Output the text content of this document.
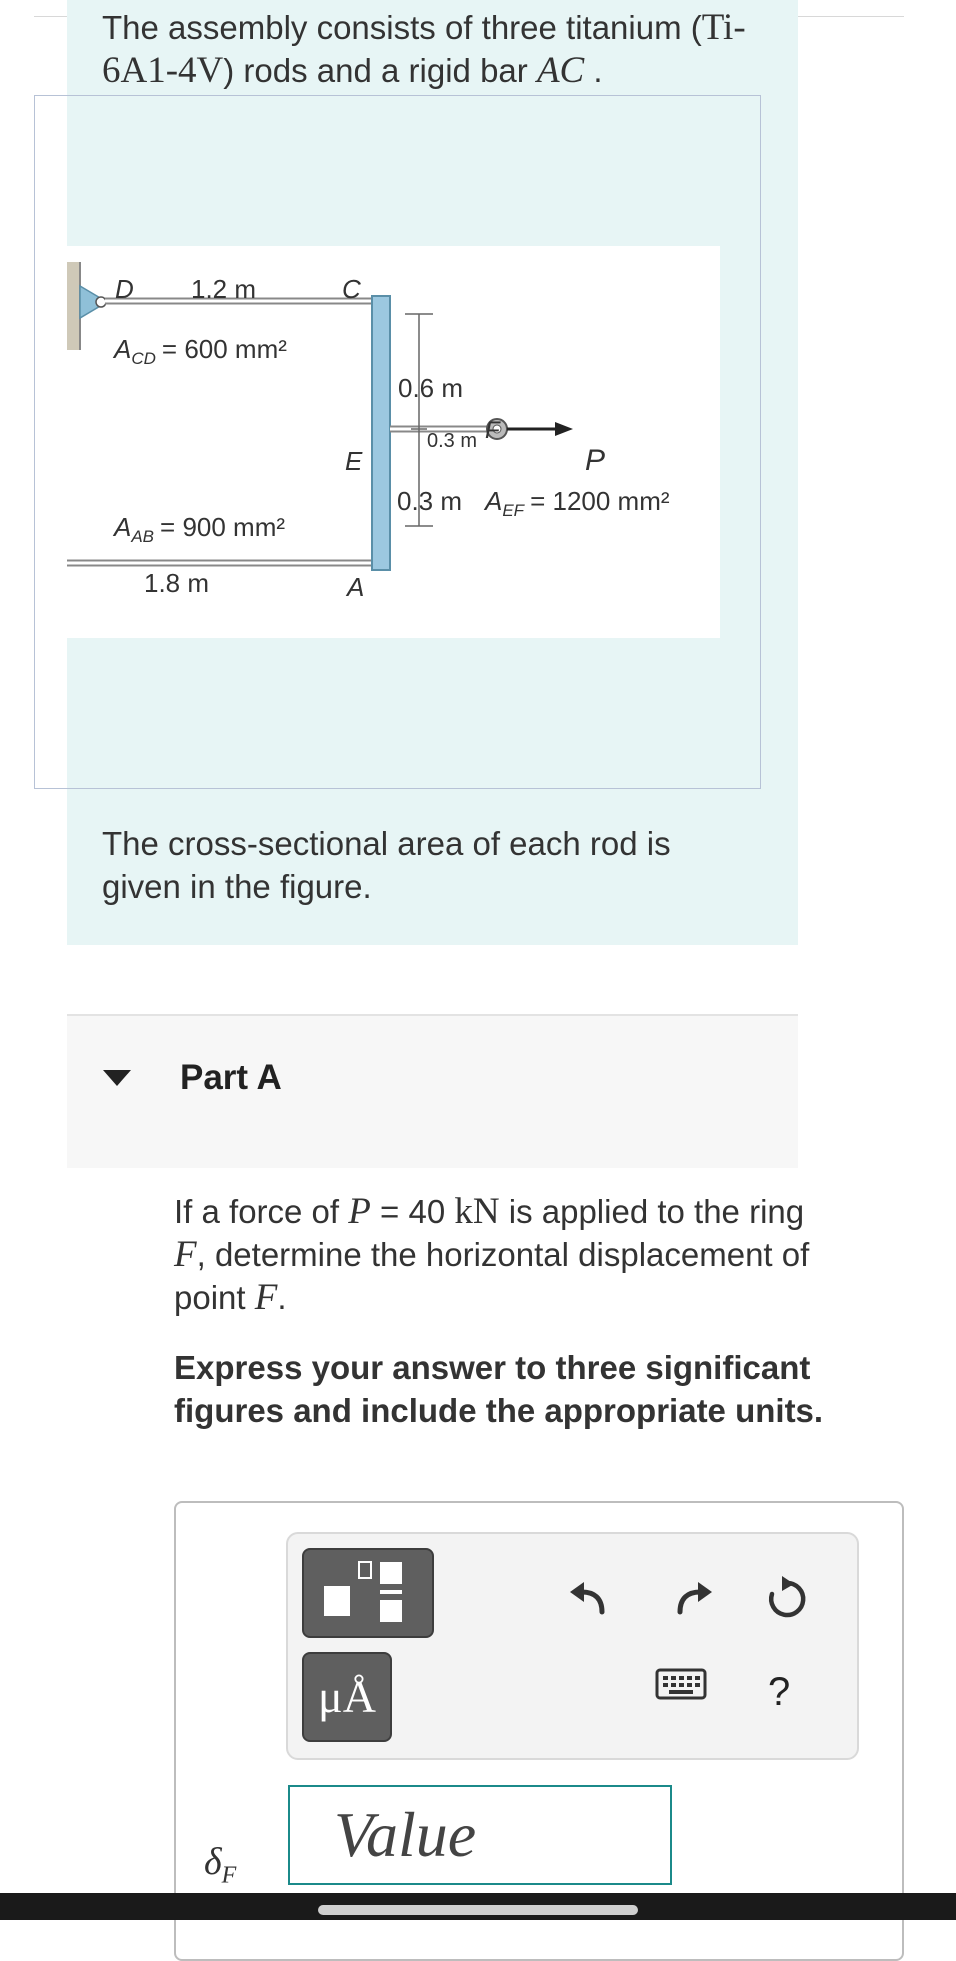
The assembly consists of three titanium (Ti-6A1-4V) rods and a rigid bar AC .
D 1.2 m	C
$A_{CD} = 600$ mm²
0.6 m
0.3 m F
E	P
0.3 m $A_{EF} = 1200$ mm²
$A_{AB} = 900$ mm²
1.8 m	A
The cross-sectional area of each rod is given in the figure.
Part A
If a force of P = 40 kN is applied to the ring F, determine the horizontal displacement of point F.
Express your answer to three significant figures and include the appropriate units.
μÅ	?
$\delta_F$
Value
